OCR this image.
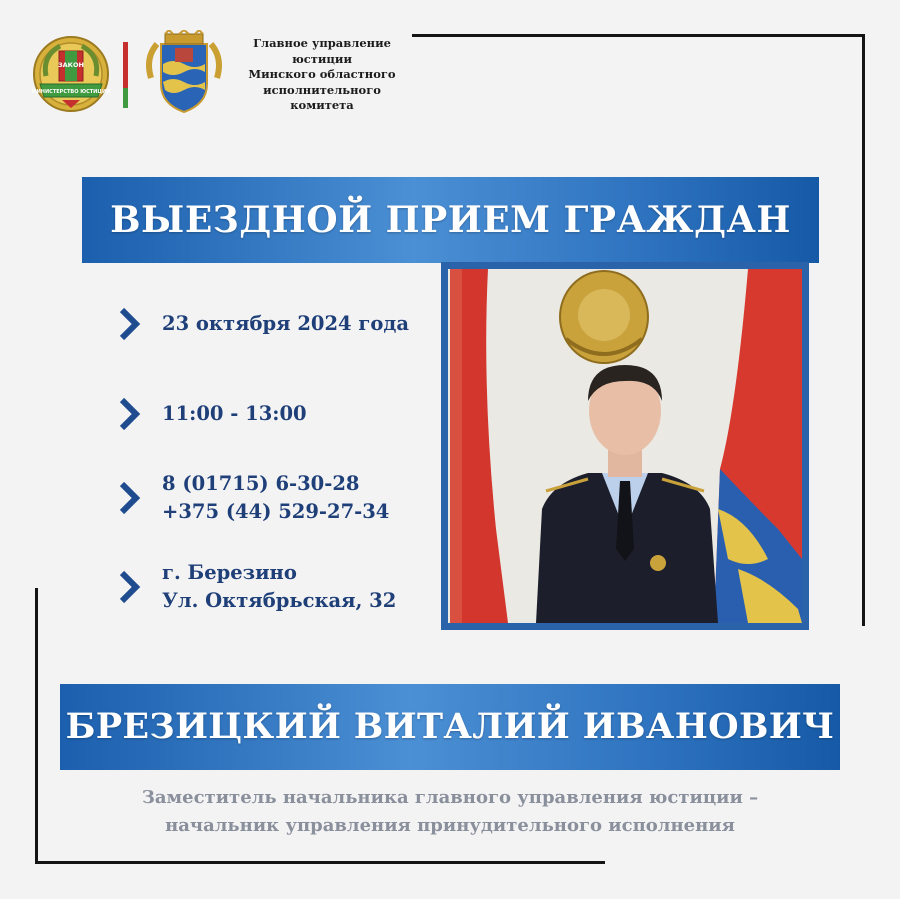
ЗАКОН
МИНИСТЕРСТВО ЮСТИЦИИ
Главное управление
юстиции
Минского областного
исполнительного
комитета
ВЫЕЗДНОЙ ПРИЕМ ГРАЖДАН
23 октября 2024 года
11:00 - 13:00
8 (01715) 6-30-28
+375 (44) 529-27-34
г. Березино
Ул. Октябрьская, 32
БРЕЗИЦКИЙ ВИТАЛИЙ ИВАНОВИЧ
Заместитель начальника главного управления юстиции –
начальник управления принудительного исполнения
